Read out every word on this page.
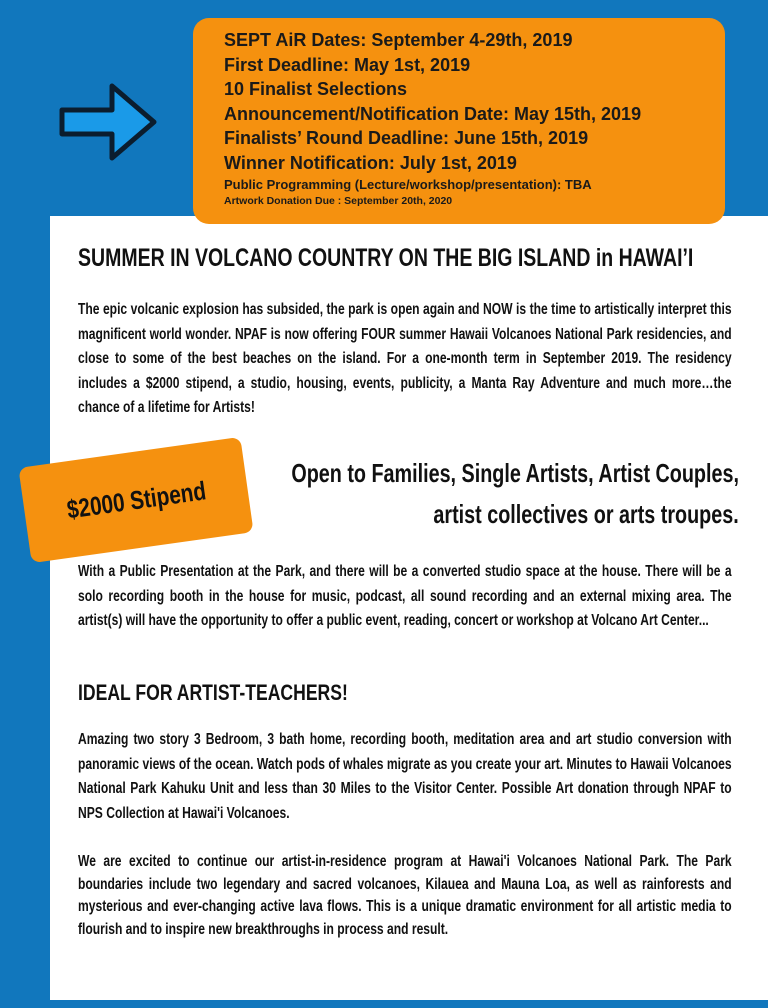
SEPT AiR Dates: September 4-29th, 2019
First Deadline: May 1st, 2019
10 Finalist Selections
Announcement/Notification Date: May 15th, 2019
Finalists’ Round Deadline: June 15th, 2019
Winner Notification: July 1st, 2019
Public Programming (Lecture/workshop/presentation): TBA
Artwork Donation Due : September 20th, 2020
SUMMER IN VOLCANO COUNTRY ON THE BIG ISLAND in HAWAI’I
The epic volcanic explosion has subsided, the park is open again and NOW is the time to artistically interpret this magnificent world wonder. NPAF is now offering FOUR summer Hawaii Volcanoes National Park residencies, and close to some of the best beaches on the island. For a one-month term in September 2019. The residency includes a $2000 stipend, a studio, housing, events, publicity, a Manta Ray Adventure and much more…the chance of a lifetime for Artists!
$2000 Stipend
Open to Families, Single Artists, Artist Couples,
artist collectives or arts troupes.
With a Public Presentation at the Park, and there will be a converted studio space at the house. There will be a solo recording booth in the house for music, podcast, all sound recording and an external mixing area. The artist(s) will have the opportunity to offer a public event, reading, concert or workshop at Volcano Art Center...
IDEAL FOR ARTIST-TEACHERS!
Amazing two story 3 Bedroom, 3 bath home, recording booth, meditation area and art studio conversion with panoramic views of the ocean. Watch pods of whales migrate as you create your art. Minutes to Hawaii Volcanoes National Park Kahuku Unit and less than 30 Miles to the Visitor Center. Possible Art donation through NPAF to NPS Collection at Hawai'i Volcanoes.
We are excited to continue our artist-in-residence program at Hawai'i Volcanoes National Park. The Park boundaries include two legendary and sacred volcanoes, Kilauea and Mauna Loa, as well as rainforests and mysterious and ever-changing active lava flows. This is a unique dramatic environment for all artistic media to flourish and to inspire new breakthroughs in process and result.
